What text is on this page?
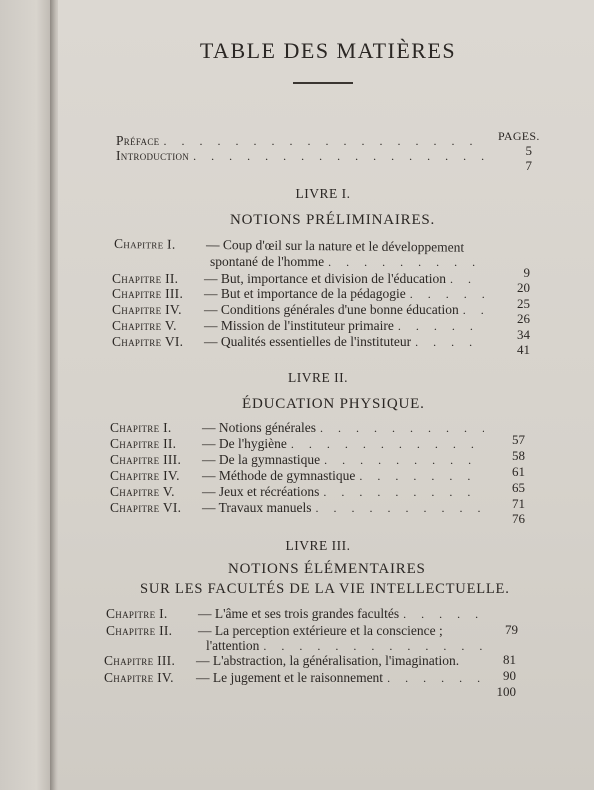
TABLE DES MATIÈRES
PAGES.
Préface
. . .
5
Introduction
. . .
7
LIVRE I.
NOTIONS PRÉLIMINAIRES.
Chapitre I. — Coup d'œil sur la nature et le développement
spontané de l'homme
. . .
9
Chapitre II. — But, importance et division de l'éducation
. . .
20
Chapitre III. — But et importance de la pédagogie
. . .
25
Chapitre IV. — Conditions générales d'une bonne éducation
. . .
26
Chapitre V. — Mission de l'instituteur primaire
. . .
34
Chapitre VI. — Qualités essentielles de l'instituteur
. . .
41
LIVRE II.
ÉDUCATION PHYSIQUE.
Chapitre I. — Notions générales
. . .
57
Chapitre II. — De l'hygiène
. . .
58
Chapitre III. — De la gymnastique
. . .
61
Chapitre IV. — Méthode de gymnastique
. . .
65
Chapitre V. — Jeux et récréations
. . .
71
Chapitre VI. — Travaux manuels
. . .
76
LIVRE III.
NOTIONS ÉLÉMENTAIRES
SUR LES FACULTÉS DE LA VIE INTELLECTUELLE.
Chapitre I. — L'âme et ses trois grandes facultés
. . .
79
Chapitre II. — La perception extérieure et la conscience ;
l'attention
. . .
81
Chapitre III. — L'abstraction, la généralisation, l'imagination.
90
Chapitre IV. — Le jugement et le raisonnement
. . .
100
